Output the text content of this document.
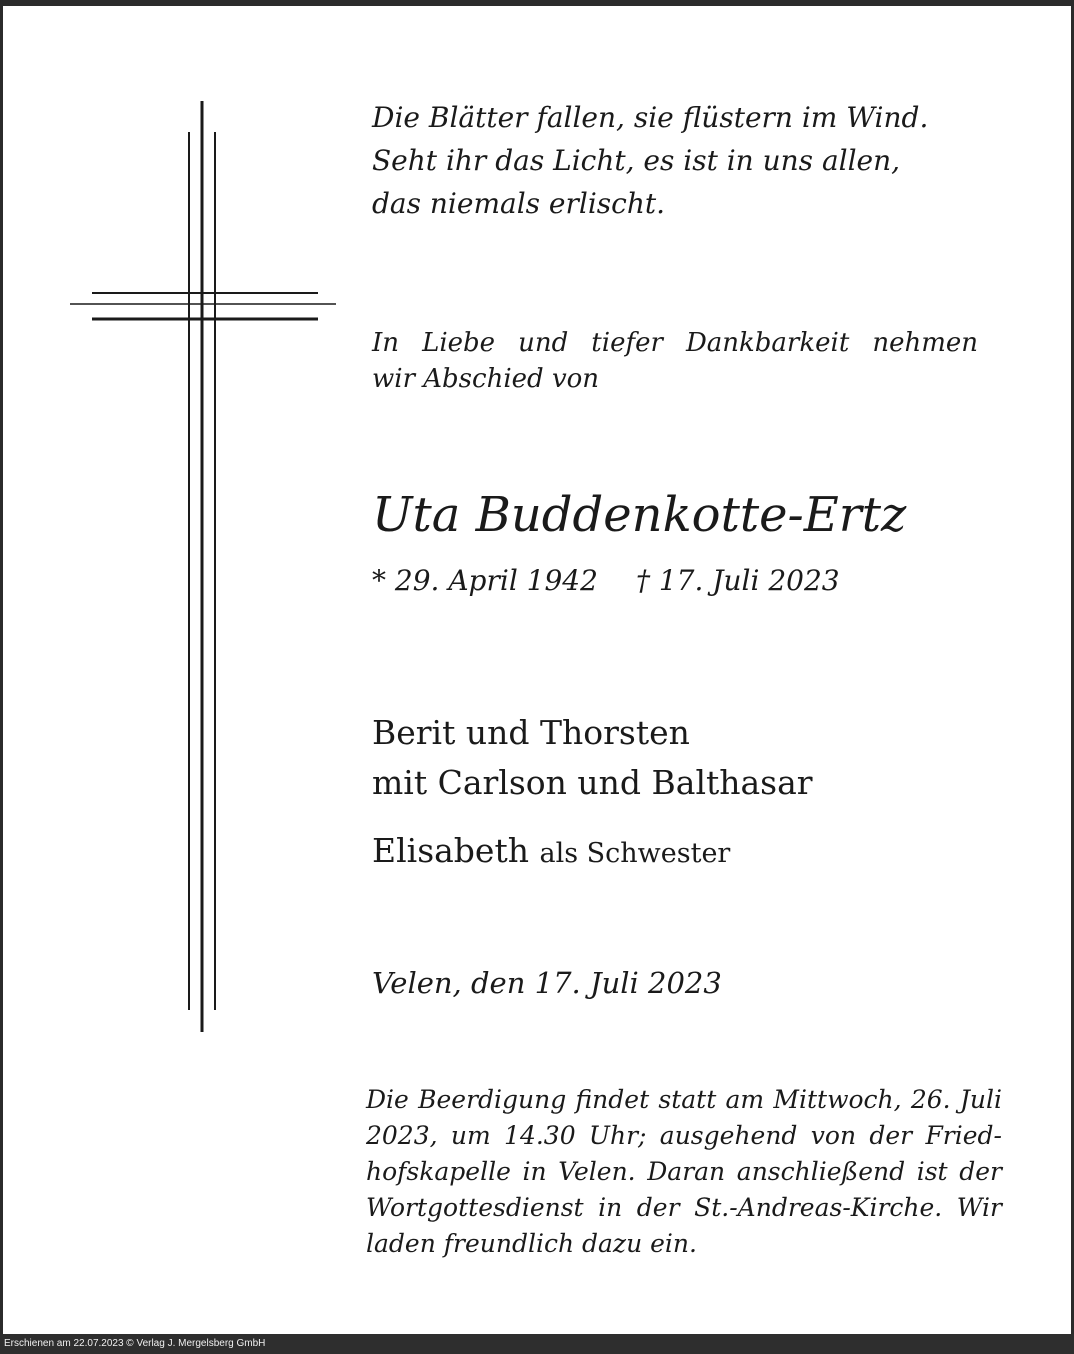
Die Blätter fallen, sie flüstern im Wind.
Seht ihr das Licht, es ist in uns allen,
das niemals erlischt.
In Liebe und tiefer Dankbarkeit nehmen
wir Abschied von
Uta Buddenkotte-Ertz
* 29. April 1942 † 17. Juli 2023
Berit und Thorsten
mit Carlson und Balthasar
Elisabeth als Schwester
Velen, den 17. Juli 2023
Die Beerdigung findet statt am Mittwoch, 26. Juli
2023, um 14.30 Uhr; ausgehend von der Fried-
hofskapelle in Velen. Daran anschließend ist der
Wortgottesdienst in der St.-Andreas-Kirche. Wir
laden freundlich dazu ein.
Erschienen am 22.07.2023 © Verlag J. Mergelsberg GmbH
